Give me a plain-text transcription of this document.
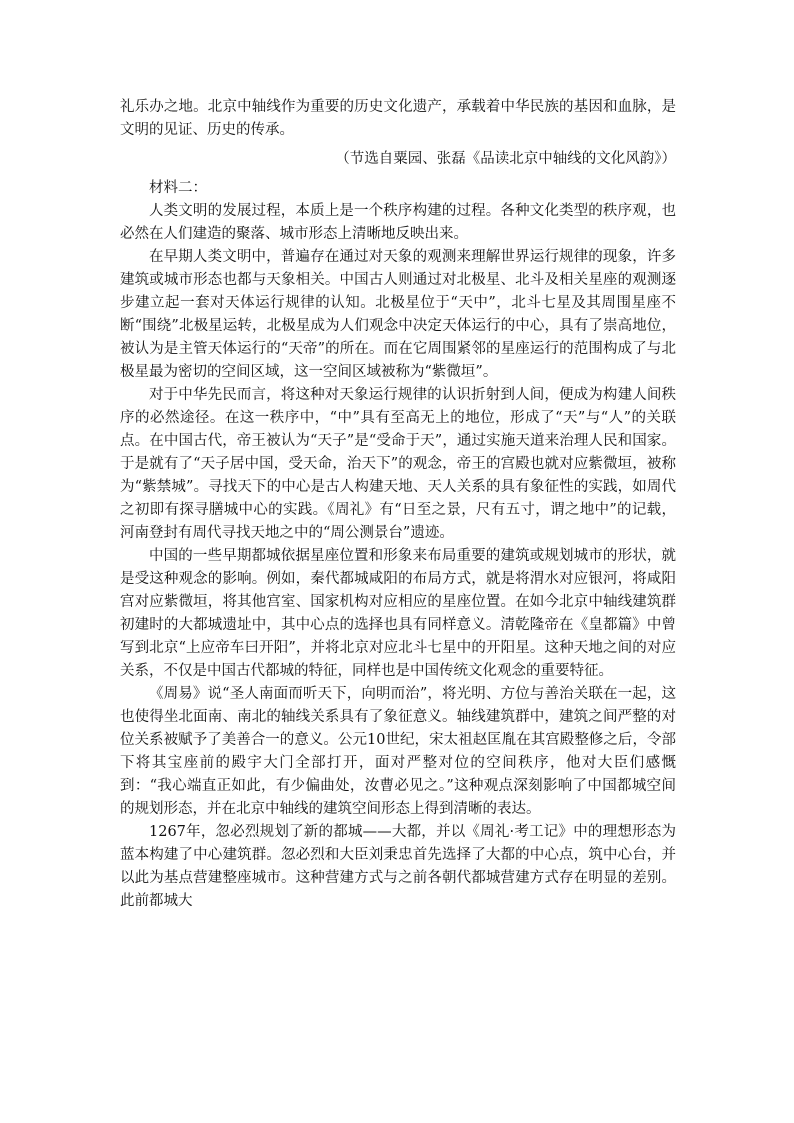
礼乐办之地。北京中轴线作为重要的历史文化遗产，承载着中华民族的基因和血脉，是文明的见证、历史的传承。

（节选自粟园、张磊《品读北京中轴线的文化风韵》）

材料二：

人类文明的发展过程，本质上是一个秩序构建的过程。各种文化类型的秩序观，也必然在人们建造的聚落、城市形态上清晰地反映出来。

在早期人类文明中，普遍存在通过对天象的观测来理解世界运行规律的现象，许多建筑或城市形态也都与天象相关。中国古人则通过对北极星、北斗及相关星座的观测逐步建立起一套对天体运行规律的认知。北极星位于“天中”，北斗七星及其周围星座不断“围绕”北极星运转，北极星成为人们观念中决定天体运行的中心，具有了崇高地位，被认为是主管天体运行的“天帝”的所在。而在它周围紧邻的星座运行的范围构成了与北极星最为密切的空间区域，这一空间区域被称为“紫微垣”。

对于中华先民而言，将这种对天象运行规律的认识折射到人间，便成为构建人间秩序的必然途径。在这一秩序中，“中”具有至高无上的地位，形成了“天”与“人”的关联点。在中国古代，帝王被认为“天子”是“受命于天”，通过实施天道来治理人民和国家。于是就有了“天子居中国，受天命，治天下”的观念，帝王的宫殿也就对应紫微垣，被称为“紫禁城”。寻找天下的中心是古人构建天地、天人关系的具有象征性的实践，如周代之初即有探寻膳城中心的实践。《周礼》有“日至之景，尺有五寸，谓之地中”的记载，河南登封有周代寻找天地之中的“周公测景台”遗迹。

中国的一些早期都城依据星座位置和形象来布局重要的建筑或规划城市的形状，就是受这种观念的影响。例如，秦代都城咸阳的布局方式，就是将渭水对应银河，将咸阳宫对应紫微垣，将其他宫室、国家机构对应相应的星座位置。在如今北京中轴线建筑群初建时的大都城遗址中，其中心点的选择也具有同样意义。清乾隆帝在《皇都篇》中曾写到北京“上应帝车曰开阳”，并将北京对应北斗七星中的开阳星。这种天地之间的对应关系，不仅是中国古代都城的特征，同样也是中国传统文化观念的重要特征。

《周易》说“圣人南面而听天下，向明而治”，将光明、方位与善治关联在一起，这也使得坐北面南、南北的轴线关系具有了象征意义。轴线建筑群中，建筑之间严整的对位关系被赋予了美善合一的意义。公元10世纪，宋太祖赵匡胤在其宫殿整修之后，令部下将其宝座前的殿宇大门全部打开，面对严整对位的空间秩序，他对大臣们感慨到：“我心端直正如此，有少偏曲处，汝曹必见之。”这种观点深刻影响了中国都城空间的规划形态，并在北京中轴线的建筑空间形态上得到清晰的表达。

1267年，忽必烈规划了新的都城——大都，并以《周礼·考工记》中的理想形态为蓝本构建了中心建筑群。忽必烈和大臣刘秉忠首先选择了大都的中心点，筑中心台，并以此为基点营建整座城市。这种营建方式与之前各朝代都城营建方式存在明显的差别。此前都城大
